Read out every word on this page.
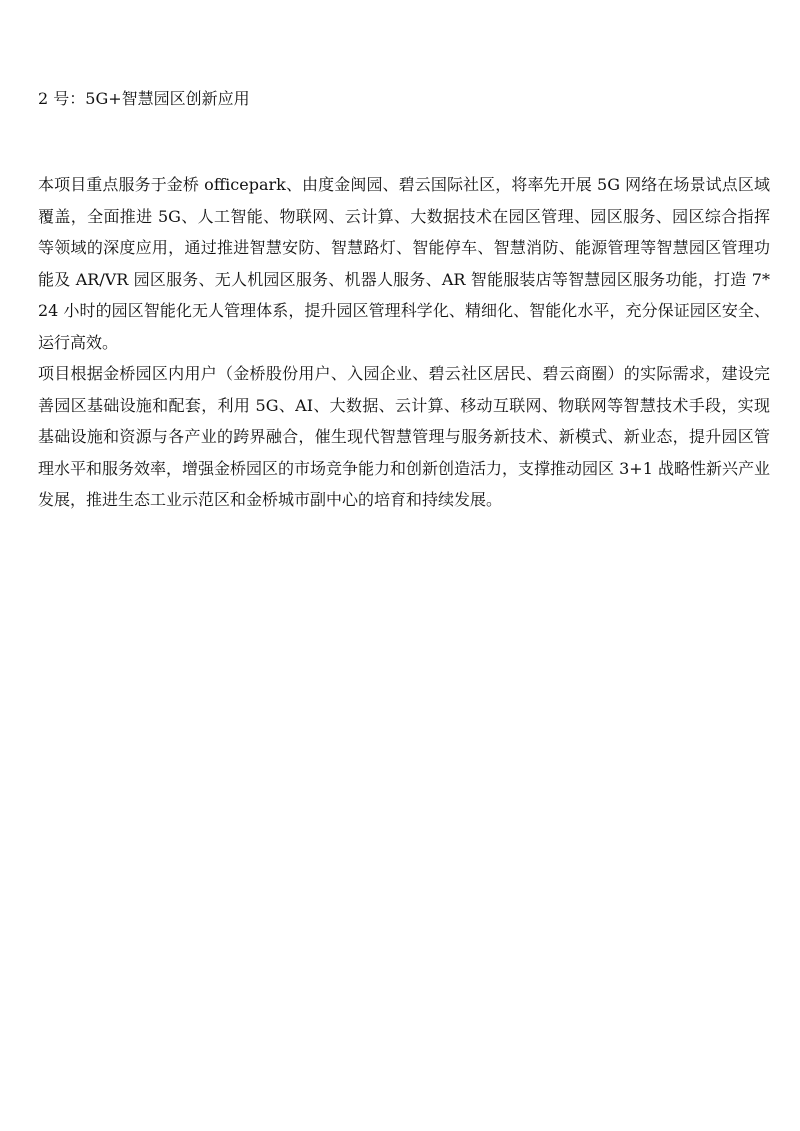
2 号：5G+智慧园区创新应用

本项目重点服务于金桥 officepark、由度金闽园、碧云国际社区，将率先开展 5G 网络在场景试点区域覆盖，全面推进 5G、人工智能、物联网、云计算、大数据技术在园区管理、园区服务、园区综合指挥等领域的深度应用，通过推进智慧安防、智慧路灯、智能停车、智慧消防、能源管理等智慧园区管理功能及 AR/VR 园区服务、无人机园区服务、机器人服务、AR 智能服装店等智慧园区服务功能，打造 7*24 小时的园区智能化无人管理体系，提升园区管理科学化、精细化、智能化水平，充分保证园区安全、运行高效。

项目根据金桥园区内用户（金桥股份用户、入园企业、碧云社区居民、碧云商圈）的实际需求，建设完善园区基础设施和配套，利用 5G、AI、大数据、云计算、移动互联网、物联网等智慧技术手段，实现基础设施和资源与各产业的跨界融合，催生现代智慧管理与服务新技术、新模式、新业态，提升园区管理水平和服务效率，增强金桥园区的市场竞争能力和创新创造活力，支撑推动园区 3+1 战略性新兴产业发展，推进生态工业示范区和金桥城市副中心的培育和持续发展。
